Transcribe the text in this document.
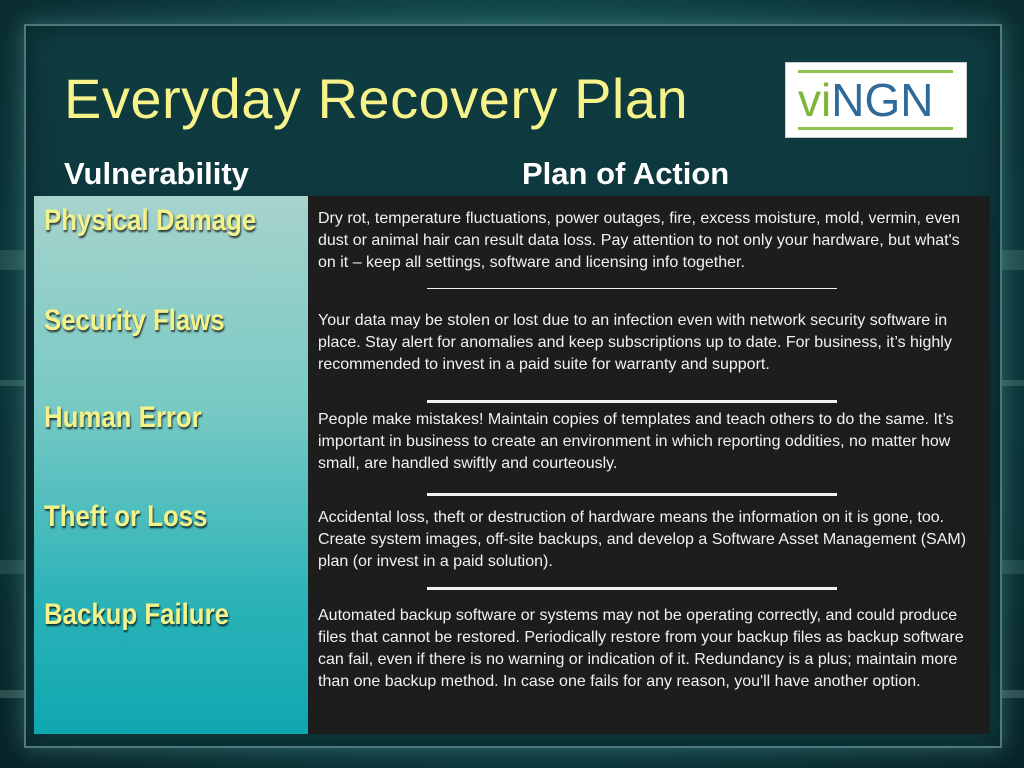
Everyday Recovery Plan viNGN
Vulnerability	Plan of Action
Physical Damage
Security Flaws
Human Error
Theft or Loss
Backup Failure

Dry rot, temperature fluctuations, power outages, fire, excess moisture, mold, vermin, even dust or animal hair can result data loss. Pay attention to not only your hardware, but what's on it – keep all settings, software and licensing info together.

Your data may be stolen or lost due to an infection even with network security software in place. Stay alert for anomalies and keep subscriptions up to date. For business, it’s highly recommended to invest in a paid suite for warranty and support.

People make mistakes! Maintain copies of templates and teach others to do the same. It’s important in business to create an environment in which reporting oddities, no matter how small, are handled swiftly and courteously.

Accidental loss, theft or destruction of hardware means the information on it is gone, too. Create system images, off-site backups, and develop a Software Asset Management (SAM) plan (or invest in a paid solution).

Automated backup software or systems may not be operating correctly, and could produce files that cannot be restored. Periodically restore from your backup files as backup software can fail, even if there is no warning or indication of it. Redundancy is a plus; maintain more than one backup method. In case one fails for any reason, you'll have another option.
